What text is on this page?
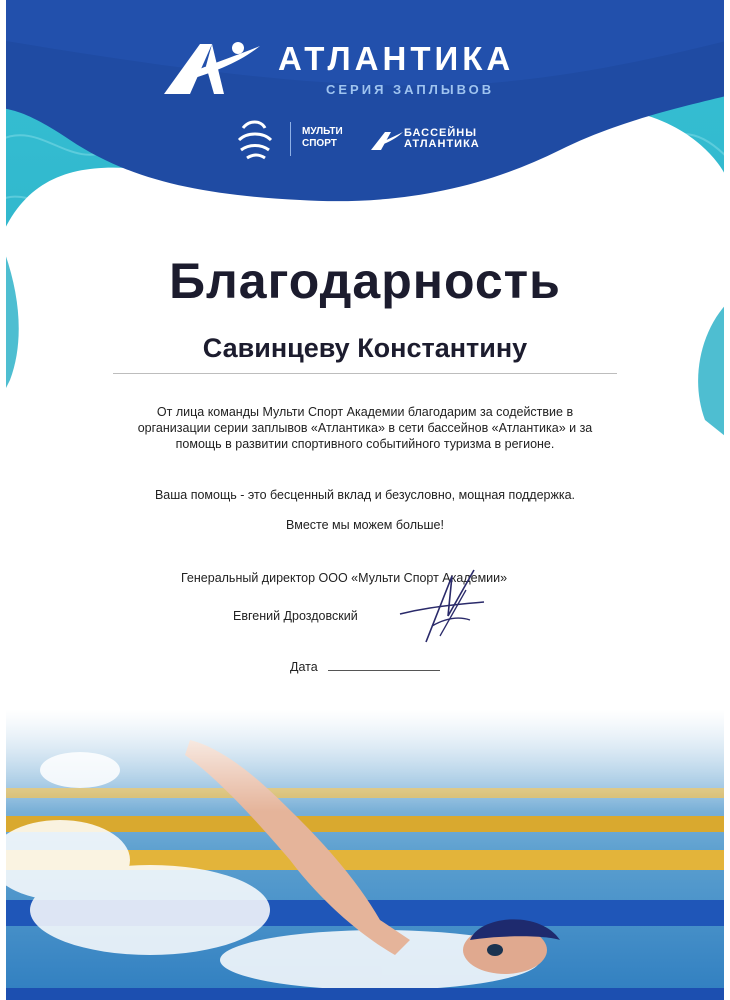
АТЛАНТИКА
СЕРИЯ ЗАПЛЫВОВ
МУЛЬТИ СПОРТ
БАССЕЙНЫ
АТЛАНТИКА
Благодарность
Савинцеву Константину
От лица команды Мульти Спорт Академии благодарим за содействие в организации серии заплывов «Атлантика» в сети бассейнов «Атлантика» и за помощь в развитии спортивного событийного туризма в регионе.
Ваша помощь - это бесценный вклад и безусловно, мощная поддержка.
Вместе мы можем больше!
Генеральный директор ООО «Мульти Спорт Академии»
Евгений Дроздовский
Дата
